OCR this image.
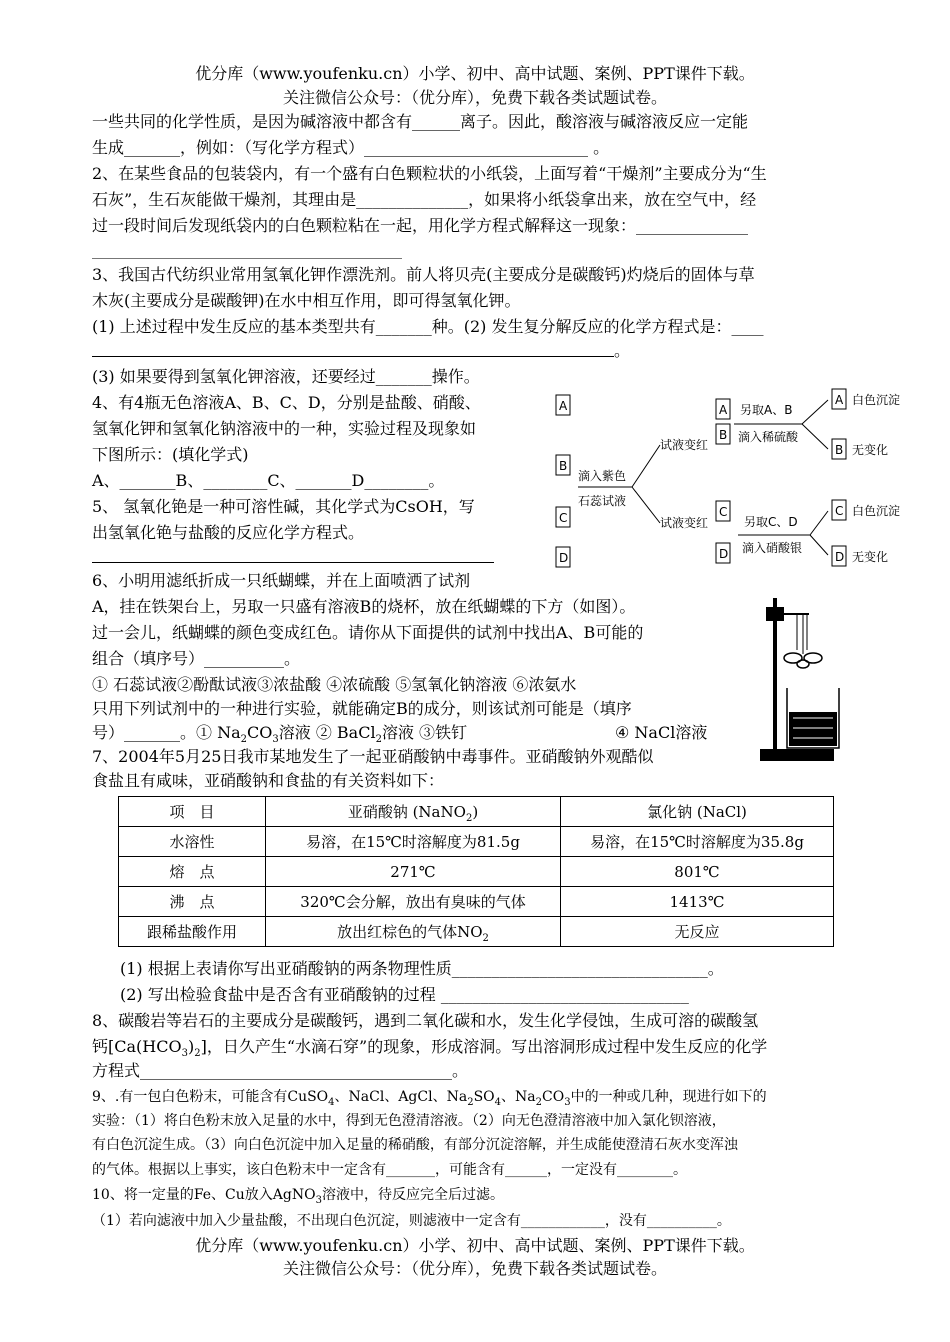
优分库（www.youfenku.cn）小学、初中、高中试题、案例、PPT课件下载。
关注微信公众号：（优分库），免费下载各类试题试卷。
一些共同的化学性质，是因为碱溶液中都含有______离子。因此，酸溶液与碱溶液反应一定能
生成_______，例如：（写化学方程式）____________________________ 。
2、在某些食品的包装袋内，有一个盛有白色颗粒状的小纸袋，上面写着“干燥剂”主要成分为“生
石灰”，生石灰能做干燥剂，其理由是______________，如果将小纸袋拿出来，放在空气中，经
过一段时间后发现纸袋内的白色颗粒粘在一起，用化学方程式解释这一现象：______________
3、我国古代纺织业常用氢氧化钾作漂洗剂。前人将贝壳(主要成分是碳酸钙)灼烧后的固体与草
木灰(主要成分是碳酸钾)在水中相互作用，即可得氢氧化钾。
(1) 上述过程中发生反应的基本类型共有_______种。(2) 发生复分解反应的化学方程式是：____
。
(3) 如果要得到氢氧化钾溶液，还要经过_______操作。
4、有4瓶无色溶液A、B、C、D，分别是盐酸、硝酸、
氢氧化钾和氢氧化钠溶液中的一种，实验过程及现象如
下图所示：(填化学式)
A、_______B、________C、_______D________。
5、 氢氧化铯是一种可溶性碱，其化学式为CsOH，写
出氢氧化铯与盐酸的反应化学方程式。
A
B
C
D
滴入紫色
石蕊试液
试液变红
试液变红
A
B
C
D
另取A、B
滴入稀硫酸
另取C、D
滴入硝酸银
A 白色沉淀
B 无变化
C 白色沉淀
D 无变化
6、小明用滤纸折成一只纸蝴蝶，并在上面喷洒了试剂
A，挂在铁架台上，另取一只盛有溶液B的烧杯，放在纸蝴蝶的下方（如图）。
过一会儿，纸蝴蝶的颜色变成红色。请你从下面提供的试剂中找出A、B可能的
组合（填序号）__________。
① 石蕊试液②酚酞试液③浓盐酸 ④浓硫酸 ⑤氢氧化钠溶液 ⑥浓氨水
只用下列试剂中的一种进行实验，就能确定B的成分，则该试剂可能是（填序
号）_______。① $Na_2CO_3$溶液 ② BaCl$_2$溶液 ③铁钉	④ NaCl溶液
7、2004年5月25日我市某地发生了一起亚硝酸钠中毒事件。亚硝酸钠外观酷似
食盐且有咸味，亚硝酸钠和食盐的有关资料如下：
项　目	亚硝酸钠 (NaNO$_2$)	氯化钠 (NaCl)
水溶性	易溶，在15℃时溶解度为81.5g	易溶，在15℃时溶解度为35.8g
熔　点	271℃	801℃
沸　点	320℃会分解，放出有臭味的气体	1413℃
跟稀盐酸作用	放出红棕色的气体$NO_2$	无反应
(1) 根据上表请你写出亚硝酸钠的两条物理性质________________________________。
(2) 写出检验食盐中是否含有亚硝酸钠的过程 _______________________________
8、碳酸岩等岩石的主要成分是碳酸钙，遇到二氧化碳和水，发生化学侵蚀，生成可溶的碳酸氢
钙$[Ca(HCO_3)_2]$，日久产生“水滴石穿”的现象，形成溶洞。写出溶洞形成过程中发生反应的化学
方程式_______________________________________。
9、.有一包白色粉末，可能含有CuSO$_4$、NaCl、AgCl、$Na_2SO_4$、$Na_2CO_3$中的一种或几种，现进行如下的
实验：（1）将白色粉末放入足量的水中，得到无色澄清溶液。（2）向无色澄清溶液中加入氯化钡溶液，
有白色沉淀生成。（3）向白色沉淀中加入足量的稀硝酸，有部分沉淀溶解，并生成能使澄清石灰水变浑浊
的气体。根据以上事实，该白色粉末中一定含有_______，可能含有______，一定没有________。
10、将一定量的Fe、Cu放入AgNO$_3$溶液中，待反应完全后过滤。
（1）若向滤液中加入少量盐酸，不出现白色沉淀，则滤液中一定含有____________，没有__________。
优分库（www.youfenku.cn）小学、初中、高中试题、案例、PPT课件下载。
关注微信公众号：（优分库），免费下载各类试题试卷。
